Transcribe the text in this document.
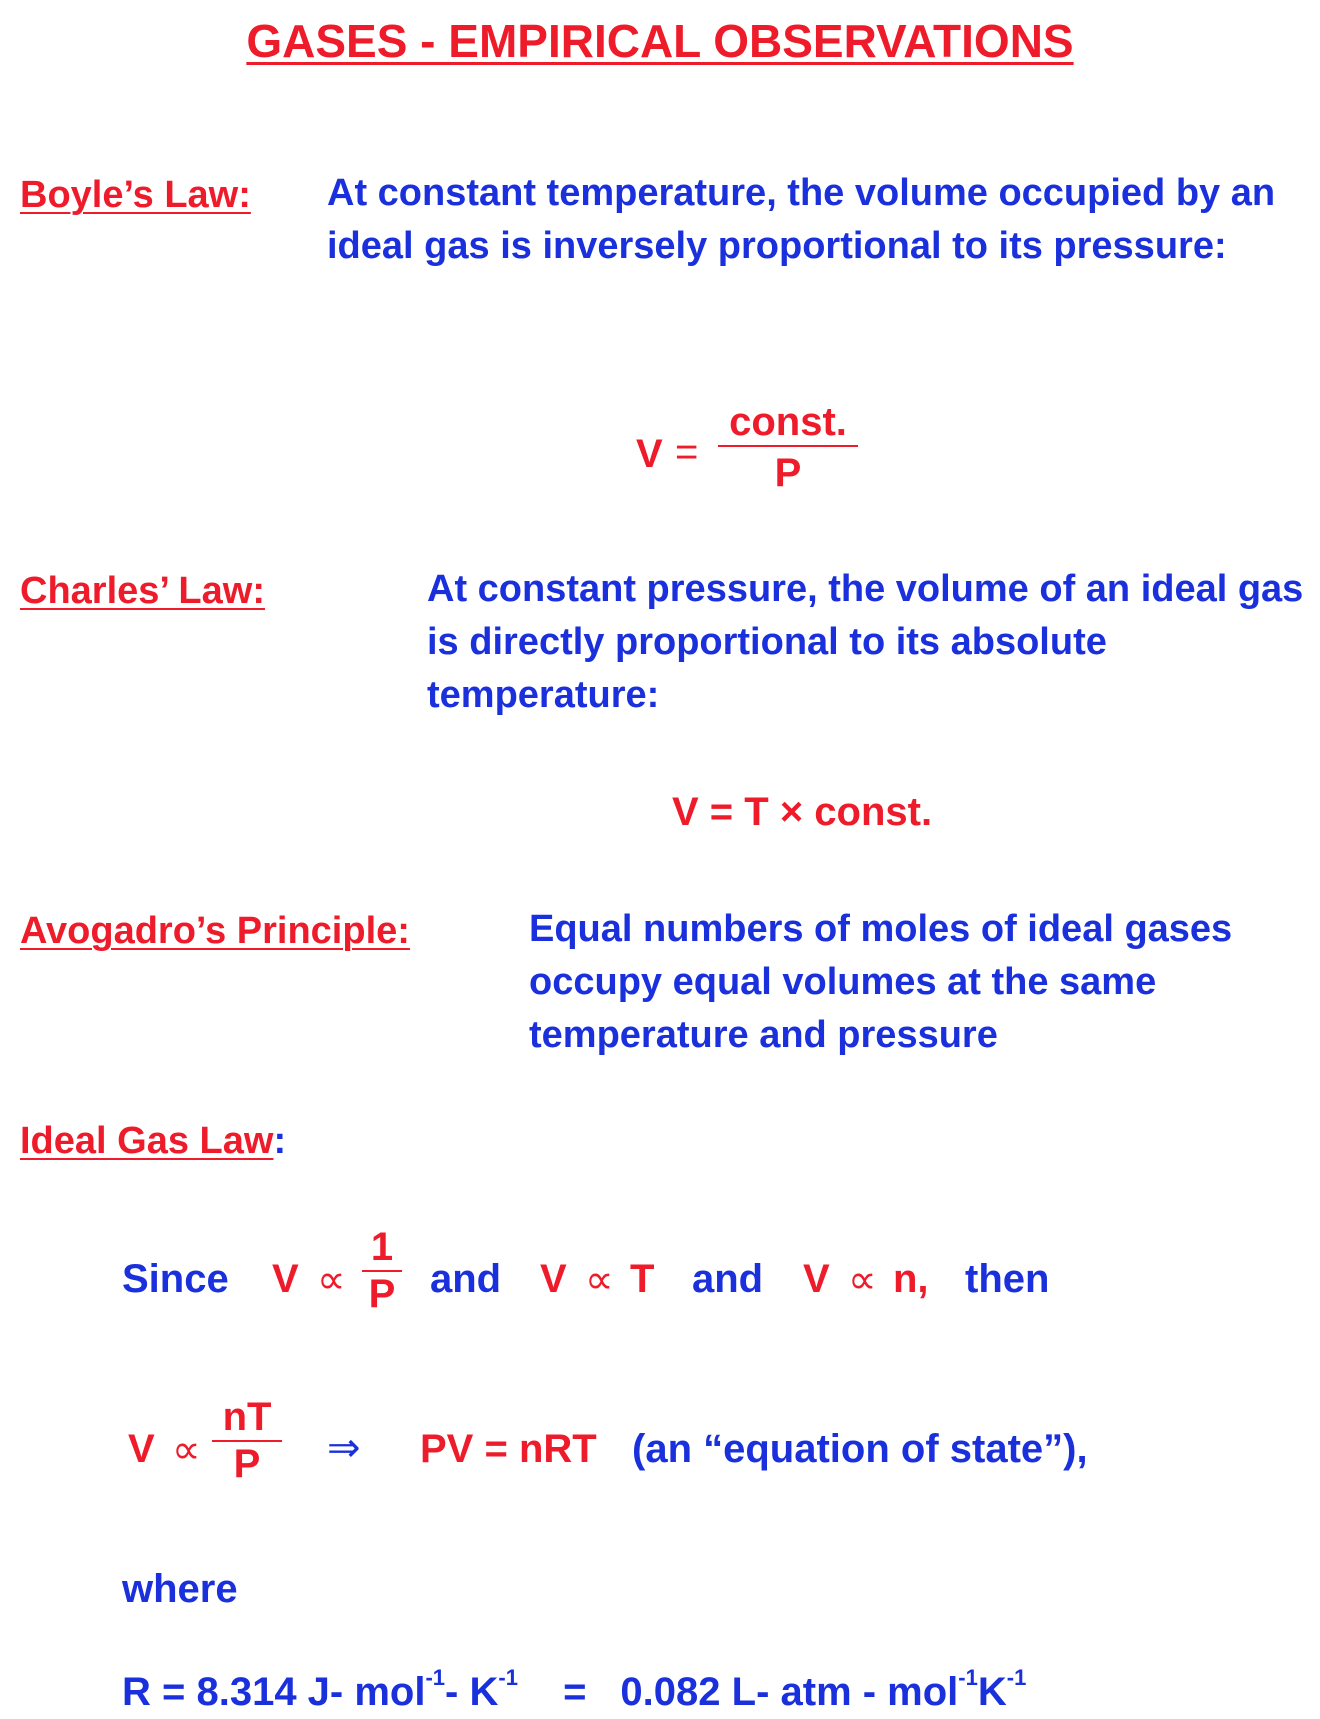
GASES - EMPIRICAL OBSERVATIONS
Boyle’s Law: At constant temperature, the volume occupied by an ideal gas is inversely proportional to its pressure:
V =
const.
P
Charles’ Law:	At constant pressure, the volume of an ideal gas is directly proportional to its absolute temperature:
V = T × const.
Avogadro’s Principle:	Equal numbers of moles of ideal gases occupy equal volumes at the same temperature and pressure
Ideal Gas Law:
Since V ∝
1
P and V ∝ T and V ∝ n, then
V ∝
nT
P	⇒ PV = nRT (an “equation of state”),
where
R = 8.314 J- mol$^{-1}$- $K^{-1} = 0.082$ L- atm - $mol^{-1}K^{-1}$
